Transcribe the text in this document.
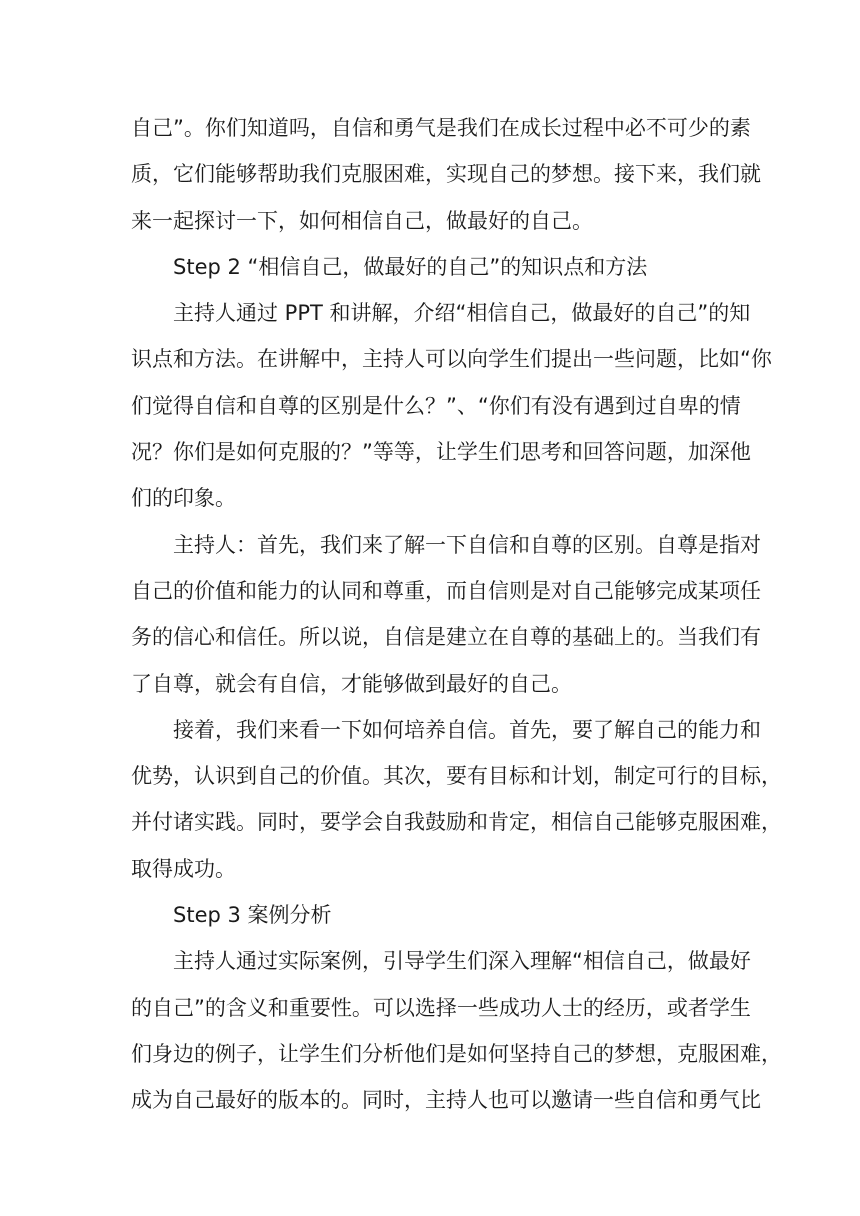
自己”。你们知道吗，自信和勇气是我们在成长过程中必不可少的素
质，它们能够帮助我们克服困难，实现自己的梦想。接下来，我们就
来一起探讨一下，如何相信自己，做最好的自己。
Step 2 “相信自己，做最好的自己”的知识点和方法
主持人通过 PPT 和讲解，介绍“相信自己，做最好的自己”的知
识点和方法。在讲解中，主持人可以向学生们提出一些问题，比如“你
们觉得自信和自尊的区别是什么？”、“你们有没有遇到过自卑的情
况？你们是如何克服的？”等等，让学生们思考和回答问题，加深他
们的印象。
主持人：首先，我们来了解一下自信和自尊的区别。自尊是指对
自己的价值和能力的认同和尊重，而自信则是对自己能够完成某项任
务的信心和信任。所以说，自信是建立在自尊的基础上的。当我们有
了自尊，就会有自信，才能够做到最好的自己。
接着，我们来看一下如何培养自信。首先，要了解自己的能力和
优势，认识到自己的价值。其次，要有目标和计划，制定可行的目标，
并付诸实践。同时，要学会自我鼓励和肯定，相信自己能够克服困难，
取得成功。
Step 3 案例分析
主持人通过实际案例，引导学生们深入理解“相信自己，做最好
的自己”的含义和重要性。可以选择一些成功人士的经历，或者学生
们身边的例子，让学生们分析他们是如何坚持自己的梦想，克服困难，
成为自己最好的版本的。同时，主持人也可以邀请一些自信和勇气比
